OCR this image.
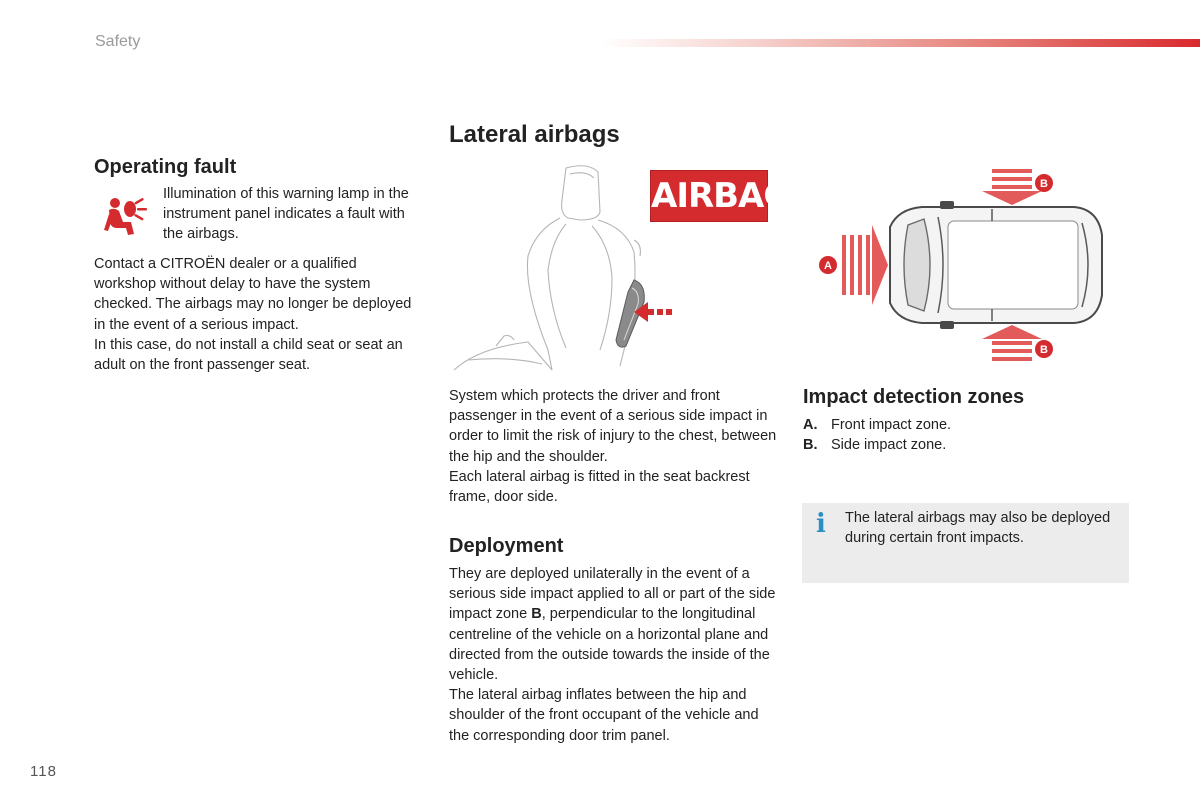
Safety
Operating fault

Illumination of this warning lamp in the instrument panel indicates a fault with the airbags.

Contact a CITROËN dealer or a qualified workshop without delay to have the system checked. The airbags may no longer be deployed in the event of a serious impact.

In this case, do not install a child seat or seat an adult on the front passenger seat.

Lateral airbags
AIRBAG

System which protects the driver and front passenger in the event of a serious side impact in order to limit the risk of injury to the chest, between the hip and the shoulder.

Each lateral airbag is fitted in the seat backrest frame, door side.

Deployment

They are deployed unilaterally in the event of a serious side impact applied to all or part of the side impact zone B, perpendicular to the longitudinal centreline of the vehicle on a horizontal plane and directed from the outside towards the inside of the vehicle.

The lateral airbag inflates between the hip and shoulder of the front occupant of the vehicle and the corresponding door trim panel.

A
B
B
Impact detection zones
A. Front impact zone.
B. Side impact zone.
i The lateral airbags may also be deployed during certain front impacts.
118
